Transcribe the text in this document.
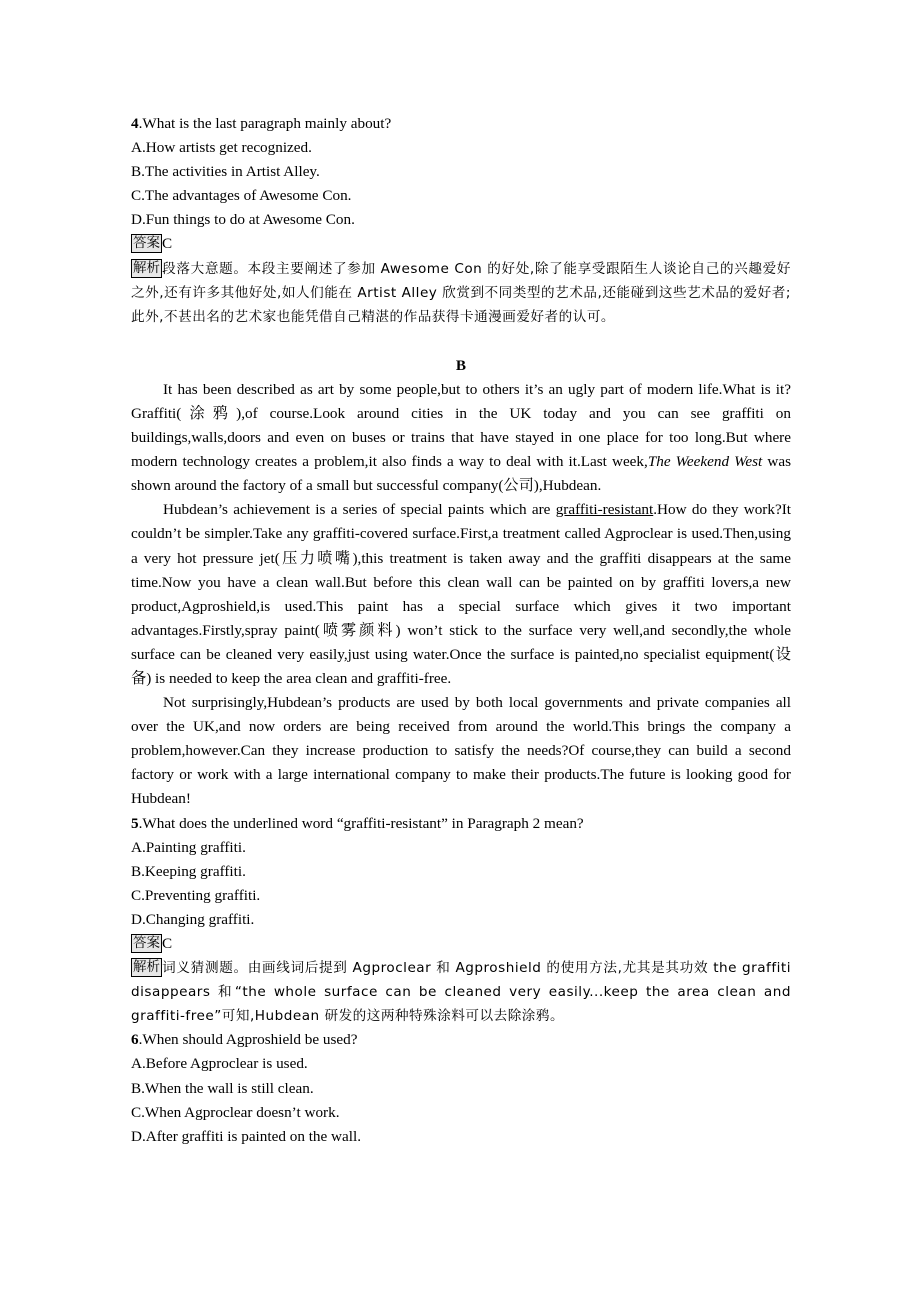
4.What is the last paragraph mainly about?
A.How artists get recognized.
B.The activities in Artist Alley.
C.The advantages of Awesome Con.
D.Fun things to do at Awesome Con.
答案 C

解析 段落大意题。本段主要阐述了参加 Awesome Con 的好处,除了能享受跟陌生人谈论自己的兴趣爱好之外,还有许多其他好处,如人们能在 Artist Alley 欣赏到不同类型的艺术品,还能碰到这些艺术品的爱好者;此外,不甚出名的艺术家也能凭借自己精湛的作品获得卡通漫画爱好者的认可。

B

It has been described as art by some people,but to others it’s an ugly part of modern life.What is it?Graffiti(涂鸦),of course.Look around cities in the UK today and you can see graffiti on buildings,walls,doors and even on buses or trains that have stayed in one place for too long.But where modern technology creates a problem,it also finds a way to deal with it.Last week,The Weekend West was shown around the factory of a small but successful company(公司),Hubdean.

Hubdean’s achievement is a series of special paints which are graffiti-resistant.How do they work?It couldn’t be simpler.Take any graffiti-covered surface.First,a treatment called Agproclear is used.Then,using a very hot pressure jet(压力喷嘴),this treatment is taken away and the graffiti disappears at the same time.Now you have a clean wall.But before this clean wall can be painted on by graffiti lovers,a new product,Agproshield,is used.This paint has a special surface which gives it two important advantages.Firstly,spray paint(喷雾颜料) won’t stick to the surface very well,and secondly,the whole surface can be cleaned very easily,just using water.Once the surface is painted,no specialist equipment(设备) is needed to keep the area clean and graffiti-free.

Not surprisingly,Hubdean’s products are used by both local governments and private companies all over the UK,and now orders are being received from around the world.This brings the company a problem,however.Can they increase production to satisfy the needs?Of course,they can build a second factory or work with a large international company to make their products.The future is looking good for Hubdean!

5.What does the underlined word “graffiti-resistant” in Paragraph 2 mean?
A.Painting graffiti.
B.Keeping graffiti.
C.Preventing graffiti.
D.Changing graffiti.
答案 C

解析 词义猜测题。由画线词后提到 Agproclear 和 Agproshield 的使用方法,尤其是其功效 the graffiti disappears 和“the whole surface can be cleaned very easily...keep the area clean and graffiti-free”可知,Hubdean 研发的这两种特殊涂料可以去除涂鸦。

6.When should Agproshield be used?
A.Before Agproclear is used.
B.When the wall is still clean.
C.When Agproclear doesn’t work.
D.After graffiti is painted on the wall.
